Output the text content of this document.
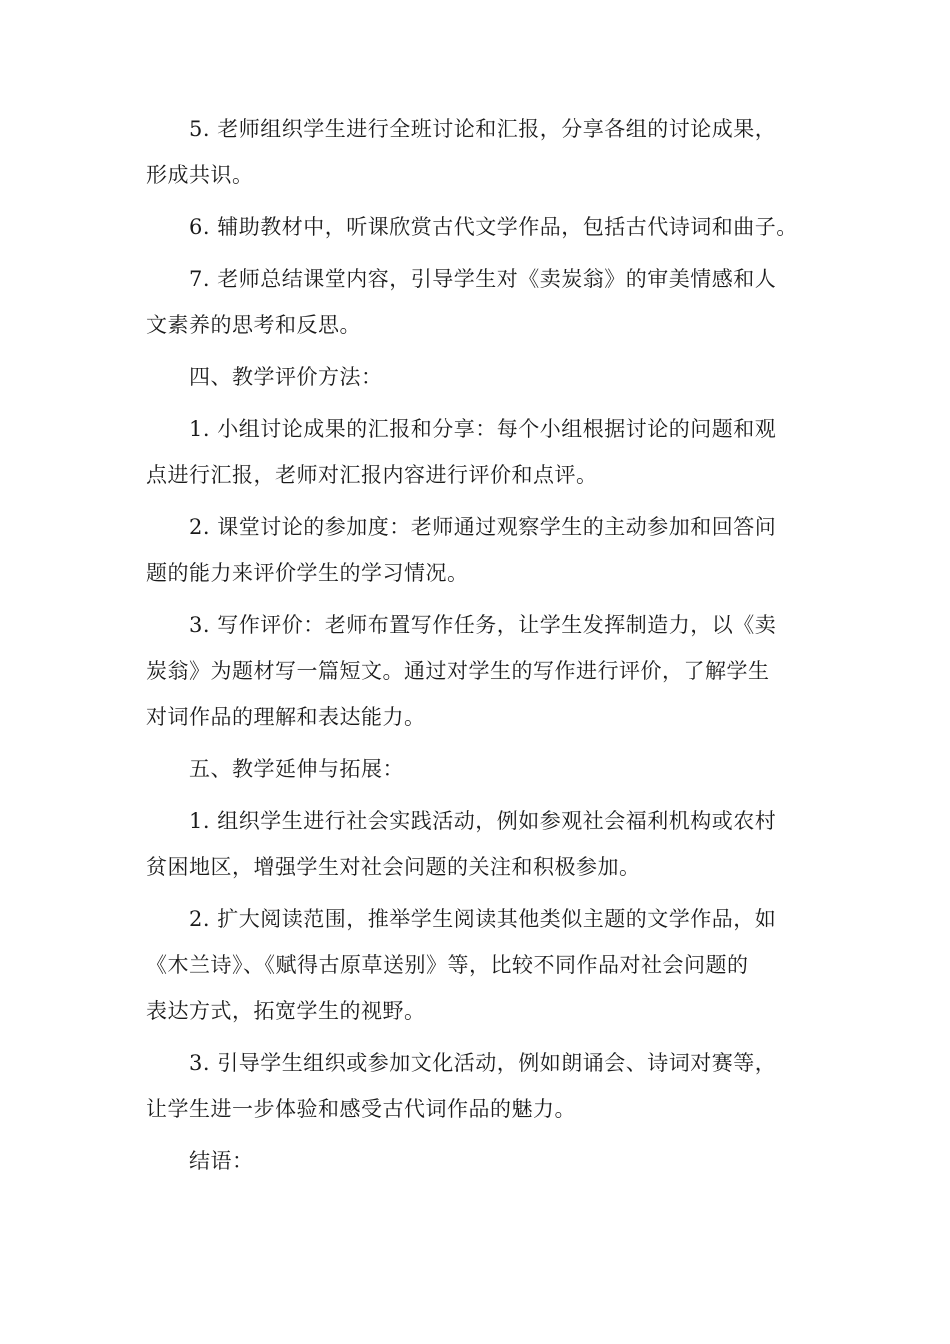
5. 老师组织学生进行全班讨论和汇报，分享各组的讨论成果，
形成共识。
6. 辅助教材中，听课欣赏古代文学作品，包括古代诗词和曲子。
7. 老师总结课堂内容，引导学生对《卖炭翁》的审美情感和人
文素养的思考和反思。
四、教学评价方法：
1. 小组讨论成果的汇报和分享：每个小组根据讨论的问题和观
点进行汇报，老师对汇报内容进行评价和点评。
2. 课堂讨论的参加度：老师通过观察学生的主动参加和回答问
题的能力来评价学生的学习情况。
3. 写作评价：老师布置写作任务，让学生发挥制造力，以《卖
炭翁》为题材写一篇短文。通过对学生的写作进行评价，了解学生
对词作品的理解和表达能力。
五、教学延伸与拓展：
1. 组织学生进行社会实践活动，例如参观社会福利机构或农村
贫困地区，增强学生对社会问题的关注和积极参加。
2. 扩大阅读范围，推举学生阅读其他类似主题的文学作品，如
《木兰诗》、《赋得古原草送别》等，比较不同作品对社会问题的
表达方式，拓宽学生的视野。
3. 引导学生组织或参加文化活动，例如朗诵会、诗词对赛等，
让学生进一步体验和感受古代词作品的魅力。
结语：
